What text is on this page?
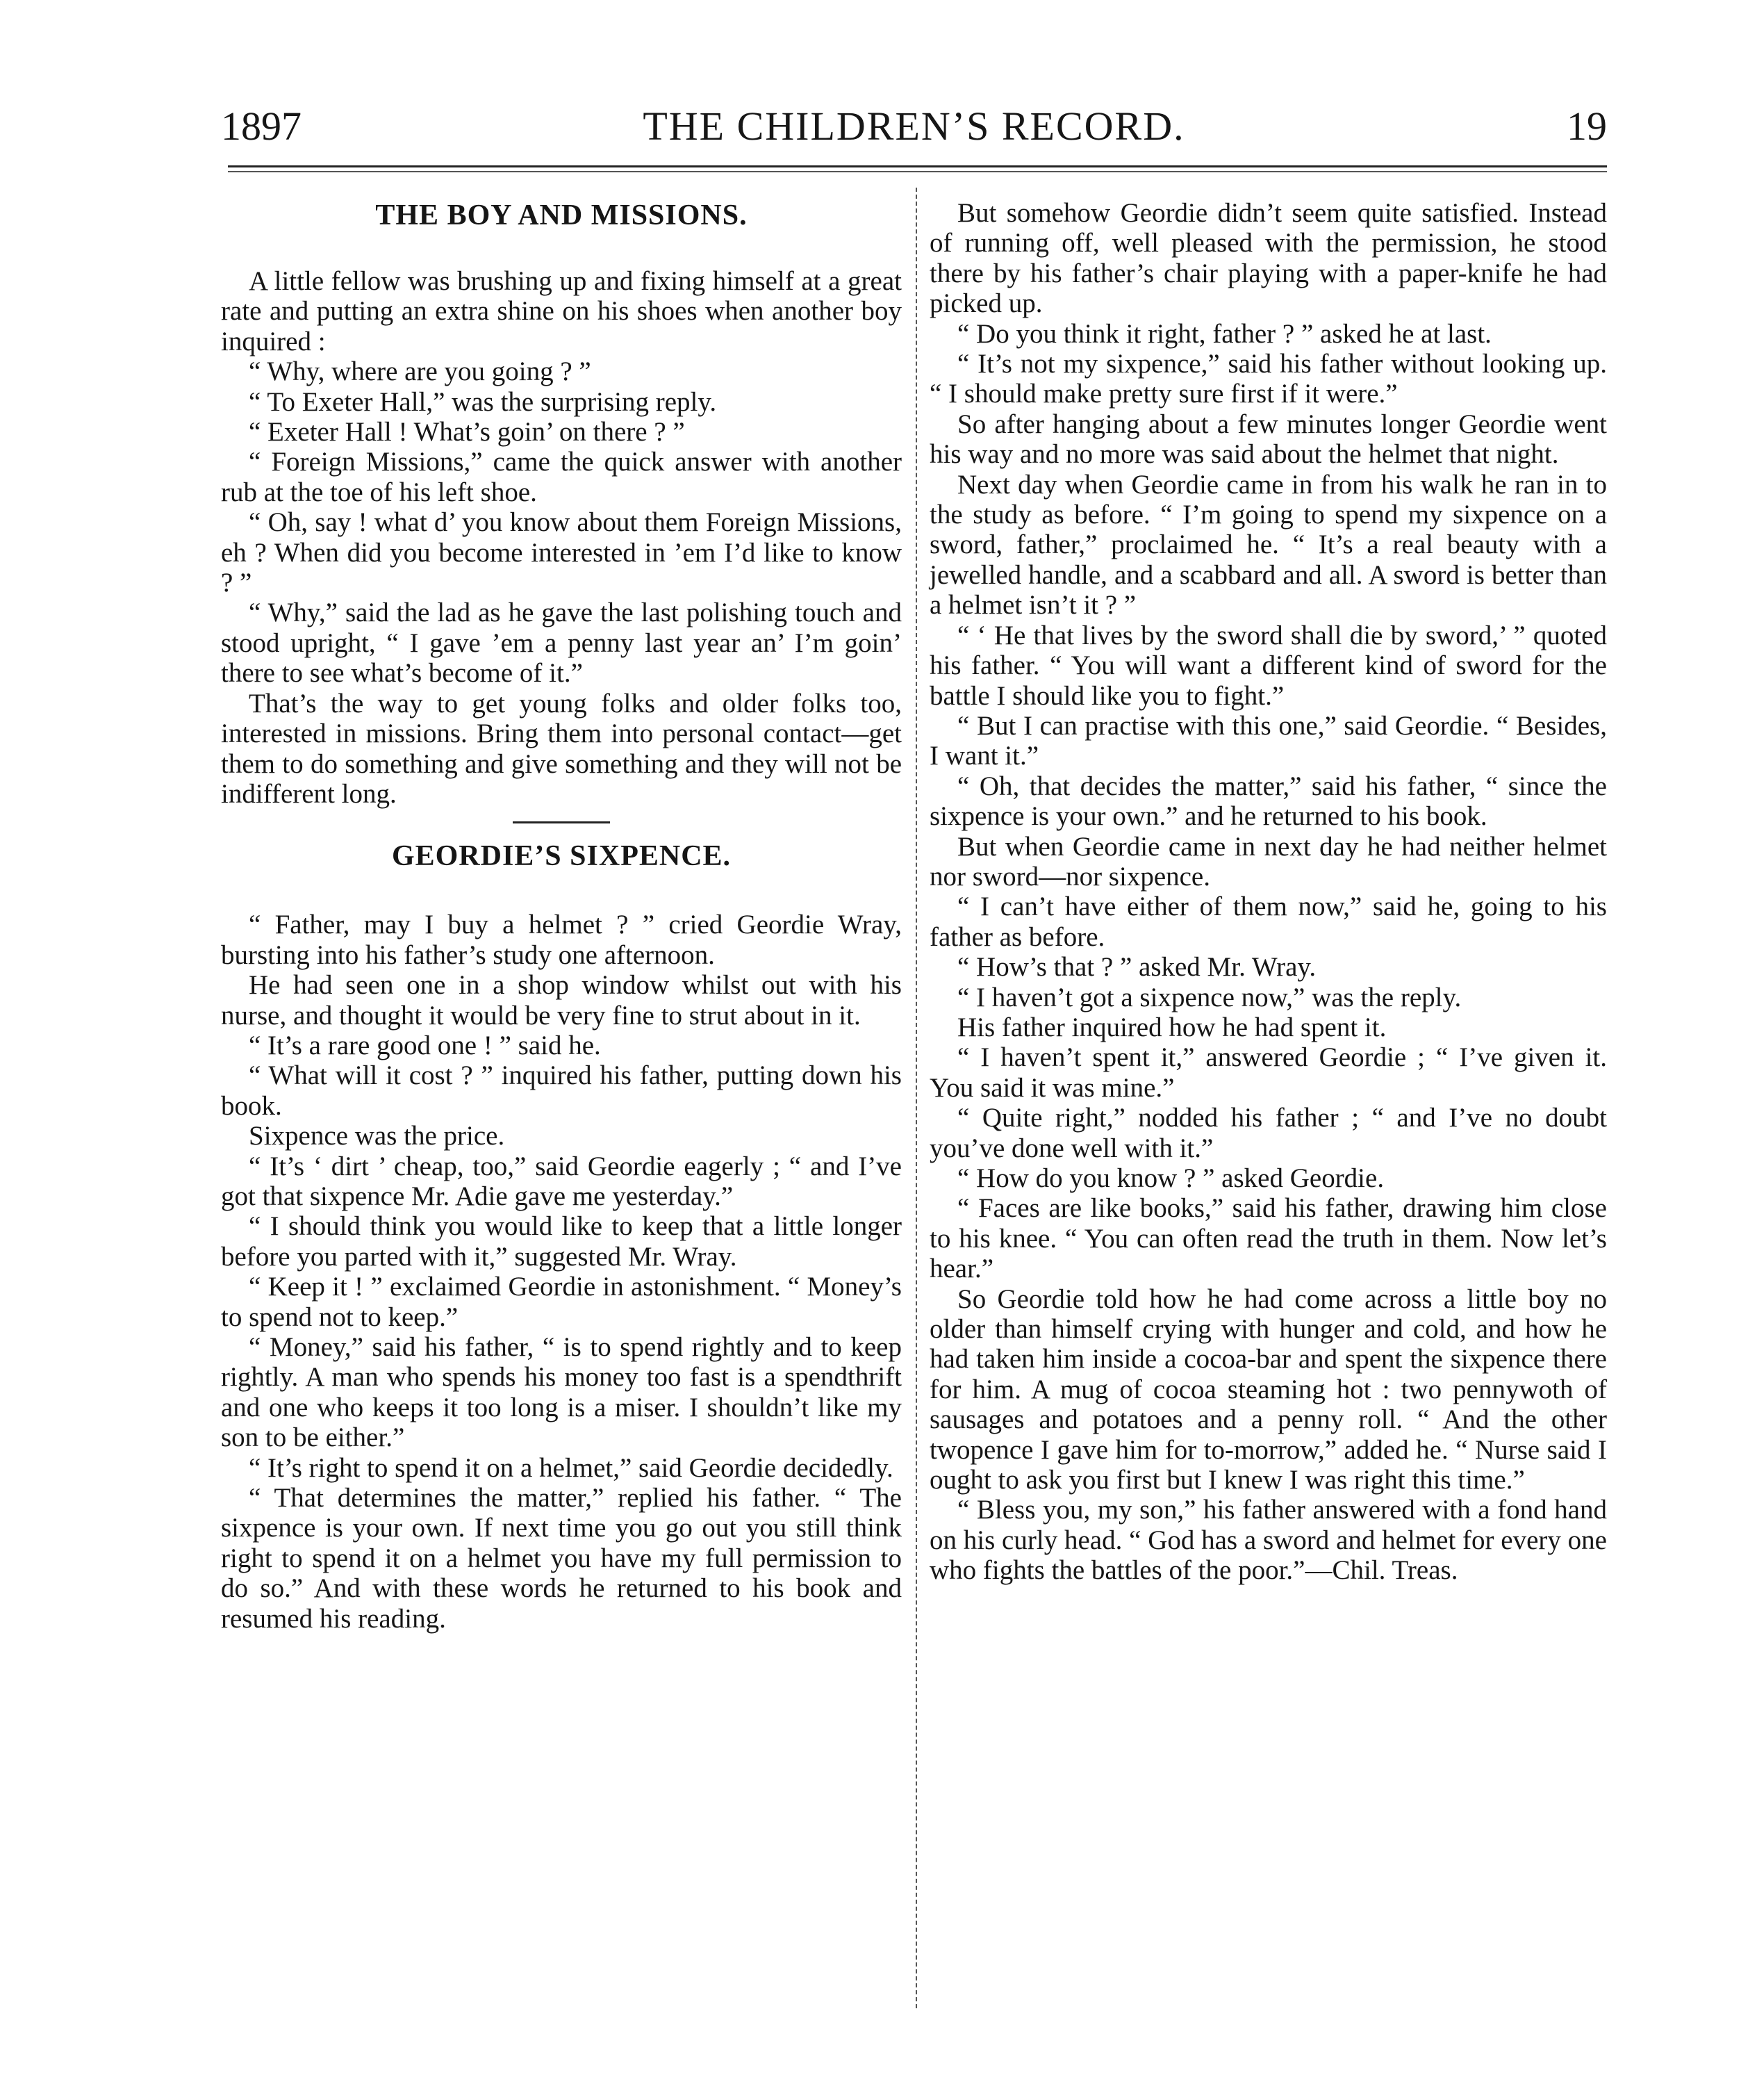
1897	THE CHILDREN’S RECORD.	19
THE BOY AND MISSIONS.

A little fellow was brushing up and fixing himself at a great rate and putting an extra shine on his shoes when another boy inquired :

“ Why, where are you going ? ”

“ To Exeter Hall,” was the surprising reply.

“ Exeter Hall ! What’s goin’ on there ? ”

“ Foreign Missions,” came the quick answer with another rub at the toe of his left shoe.

“ Oh, say ! what d’ you know about them Foreign Missions, eh ? When did you become interested in ’em I’d like to know ? ”

“ Why,” said the lad as he gave the last polishing touch and stood upright, “ I gave ’em a penny last year an’ I’m goin’ there to see what’s become of it.”

That’s the way to get young folks and older folks too, interested in missions. Bring them into personal contact—get them to do something and give something and they will not be indifferent long.

GEORDIE’S SIXPENCE.

“ Father, may I buy a helmet ? ” cried Geordie Wray, bursting into his father’s study one afternoon.

He had seen one in a shop window whilst out with his nurse, and thought it would be very fine to strut about in it.

“ It’s a rare good one ! ” said he.

“ What will it cost ? ” inquired his father, putting down his book.

Sixpence was the price.

“ It’s ‘ dirt ’ cheap, too,” said Geordie eagerly ; “ and I’ve got that sixpence Mr. Adie gave me yesterday.”

“ I should think you would like to keep that a little longer before you parted with it,” suggested Mr. Wray.

“ Keep it ! ” exclaimed Geordie in astonishment. “ Money’s to spend not to keep.”

“ Money,” said his father, “ is to spend rightly and to keep rightly. A man who spends his money too fast is a spendthrift and one who keeps it too long is a miser. I shouldn’t like my son to be either.”

“ It’s right to spend it on a helmet,” said Geordie decidedly.

“ That determines the matter,” replied his father. “ The sixpence is your own. If next time you go out you still think right to spend it on a helmet you have my full permission to do so.” And with these words he returned to his book and resumed his reading.

But somehow Geordie didn’t seem quite satisfied. Instead of running off, well pleased with the permission, he stood there by his father’s chair playing with a paper-knife he had picked up.

“ Do you think it right, father ? ” asked he at last.

“ It’s not my sixpence,” said his father without looking up. “ I should make pretty sure first if it were.”

So after hanging about a few minutes longer Geordie went his way and no more was said about the helmet that night.

Next day when Geordie came in from his walk he ran in to the study as before. “ I’m going to spend my sixpence on a sword, father,” proclaimed he. “ It’s a real beauty with a jewelled handle, and a scabbard and all. A sword is better than a helmet isn’t it ? ”

“ ‘ He that lives by the sword shall die by sword,’ ” quoted his father. “ You will want a different kind of sword for the battle I should like you to fight.”

“ But I can practise with this one,” said Geordie. “ Besides, I want it.”

“ Oh, that decides the matter,” said his father, “ since the sixpence is your own.” and he returned to his book.

But when Geordie came in next day he had neither helmet nor sword—nor sixpence.

“ I can’t have either of them now,” said he, going to his father as before.

“ How’s that ? ” asked Mr. Wray.

“ I haven’t got a sixpence now,” was the reply.

His father inquired how he had spent it.

“ I haven’t spent it,” answered Geordie ; “ I’ve given it. You said it was mine.”

“ Quite right,” nodded his father ; “ and I’ve no doubt you’ve done well with it.”

“ How do you know ? ” asked Geordie.

“ Faces are like books,” said his father, drawing him close to his knee. “ You can often read the truth in them. Now let’s hear.”

So Geordie told how he had come across a little boy no older than himself crying with hunger and cold, and how he had taken him inside a cocoa-bar and spent the sixpence there for him. A mug of cocoa steaming hot : two pennywoth of sausages and potatoes and a penny roll. “ And the other twopence I gave him for to-morrow,” added he. “ Nurse said I ought to ask you first but I knew I was right this time.”

“ Bless you, my son,” his father answered with a fond hand on his curly head. “ God has a sword and helmet for every one who fights the battles of the poor.”—Chil. Treas.
